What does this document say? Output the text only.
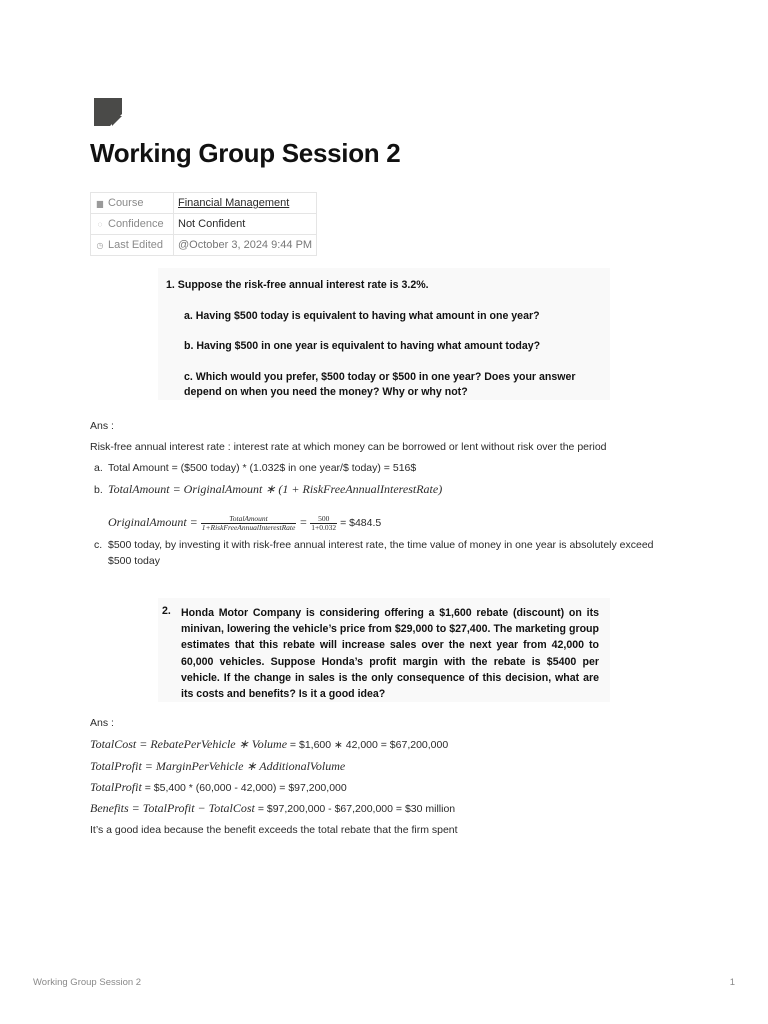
Working Group Session 2
▆ Course	Financial Management
◌ Confidence	Not Confident
◷ Last Edited	@October 3, 2024 9:44 PM

1. Suppose the risk-free annual interest rate is 3.2%.

a. Having $500 today is equivalent to having what amount in one year?

b. Having $500 in one year is equivalent to having what amount today?

c. Which would you prefer, $500 today or $500 in one year? Does your answer

depend on when you need the money? Why or why not?

Ans :

Risk-free annual interest rate : interest rate at which money can be borrowed or lent without risk over the period

a. Total Amount = ($500 today) * (1.032$ in one year/$ today) = 516$

b. TotalAmount = OriginalAmount ∗ (1 + RiskFreeAnnualInterestRate)

OriginalAmount = $\frac{\text{TotalAmount}}{\text{1+RiskFreeAnnualInterestRate}} = \frac{500}{1+0.032}$ = $484.5

c. $500 today, by investing it with risk-free annual interest rate, the time value of money in one year is absolutely exceed

$500 today

2. Honda Motor Company is considering offering a $1,600 rebate (discount) on its minivan, lowering the vehicle’s price from $29,000 to $27,400. The marketing group estimates that this rebate will increase sales over the next year from 42,000 to 60,000 vehicles. Suppose Honda’s profit margin with the rebate is $5400 per vehicle. If the change in sales is the only consequence of this decision, what are its costs and benefits? Is it a good idea?

Ans :

TotalCost = RebatePerVehicle ∗ Volume = $1,600 ∗ 42,000 = $67,200,000

TotalProfit = MarginPerVehicle ∗ AdditionalVolume

TotalProfit = $5,400 * (60,000 - 42,000) = $97,200,000

Benefits = TotalProfit − TotalCost = $97,200,000 - $67,200,000 = $30 million

It’s a good idea because the benefit exceeds the total rebate that the firm spent

Working Group Session 2	1
